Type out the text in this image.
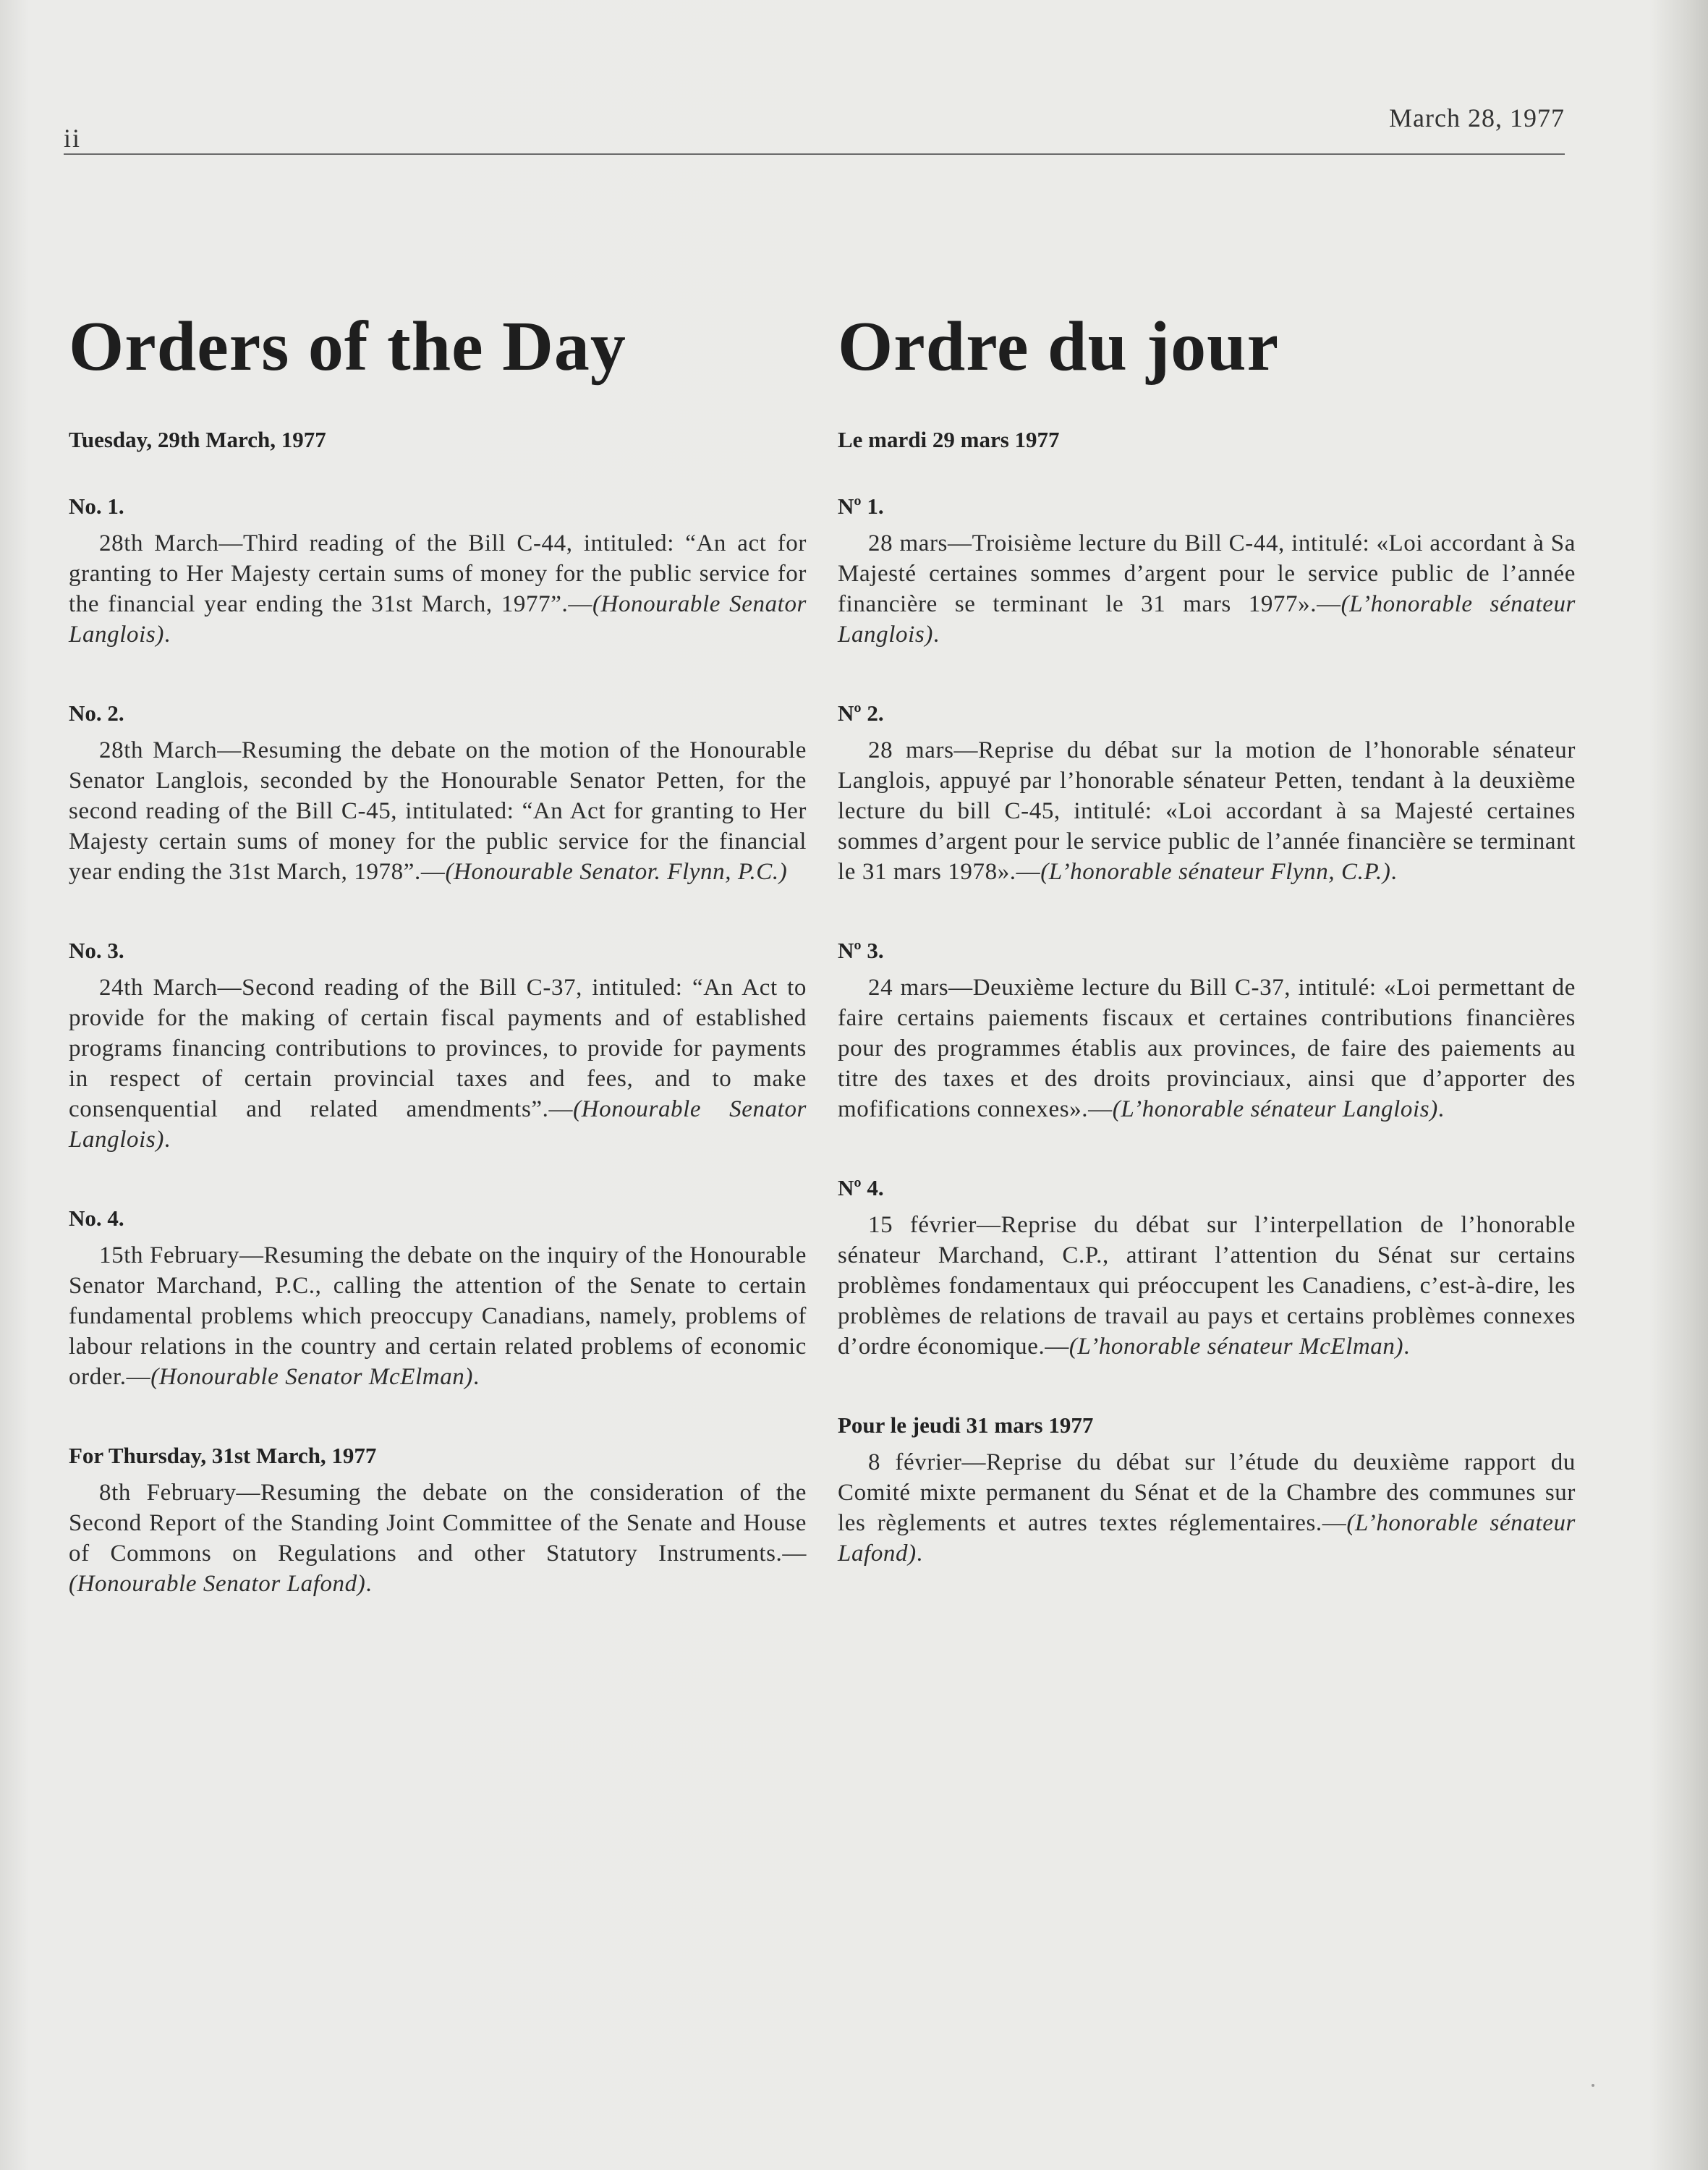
ii
March 28, 1977
Orders of the Day
Tuesday, 29th March, 1977
No. 1.
28th March—Third reading of the Bill C-44, intituled: “An act for granting to Her Majesty certain sums of money for the public service for the financial year ending the 31st March, 1977”.—(Honourable Senator Langlois).
No. 2.
28th March—Resuming the debate on the motion of the Honourable Senator Langlois, seconded by the Honourable Senator Petten, for the second reading of the Bill C-45, intitulated: “An Act for granting to Her Majesty certain sums of money for the public service for the financial year ending the 31st March, 1978”.—(Honourable Senator. Flynn, P.C.)
No. 3.
24th March—Second reading of the Bill C-37, intituled: “An Act to provide for the making of certain fiscal payments and of established programs financing contributions to provinces, to provide for payments in respect of certain provincial taxes and fees, and to make consenquential and related amendments”.—(Honourable Senator Langlois).
No. 4.
15th February—Resuming the debate on the inquiry of the Honourable Senator Marchand, P.C., calling the attention of the Senate to certain fundamental problems which preoccupy Canadians, namely, problems of labour relations in the country and certain related problems of economic order.—(Honourable Senator McElman).
For Thursday, 31st March, 1977
8th February—Resuming the debate on the consideration of the Second Report of the Standing Joint Committee of the Senate and House of Commons on Regulations and other Statutory Instruments.—(Honourable Senator Lafond).
Ordre du jour
Le mardi 29 mars 1977
Nº 1.
28 mars—Troisième lecture du Bill C-44, intitulé: «Loi accordant à Sa Majesté certaines sommes d’argent pour le service public de l’année financière se terminant le 31 mars 1977».—(L’honorable sénateur Langlois).
Nº 2.
28 mars—Reprise du débat sur la motion de l’honorable sénateur Langlois, appuyé par l’honorable sénateur Petten, tendant à la deuxième lecture du bill C-45, intitulé: «Loi accordant à sa Majesté certaines sommes d’argent pour le service public de l’année financière se terminant le 31 mars 1978».—(L’honorable sénateur Flynn, C.P.).
Nº 3.
24 mars—Deuxième lecture du Bill C-37, intitulé: «Loi permettant de faire certains paiements fiscaux et certaines contributions financières pour des programmes établis aux provinces, de faire des paiements au titre des taxes et des droits provinciaux, ainsi que d’apporter des mofifications connexes».—(L’honorable sénateur Langlois).
Nº 4.
15 février—Reprise du débat sur l’interpellation de l’honorable sénateur Marchand, C.P., attirant l’attention du Sénat sur certains problèmes fondamentaux qui préoccupent les Canadiens, c’est-à-dire, les problèmes de relations de travail au pays et certains problèmes connexes d’ordre économique.—(L’honorable sénateur McElman).
Pour le jeudi 31 mars 1977
8 février—Reprise du débat sur l’étude du deuxième rapport du Comité mixte permanent du Sénat et de la Chambre des communes sur les règlements et autres textes réglementaires.—(L’honorable sénateur Lafond).
